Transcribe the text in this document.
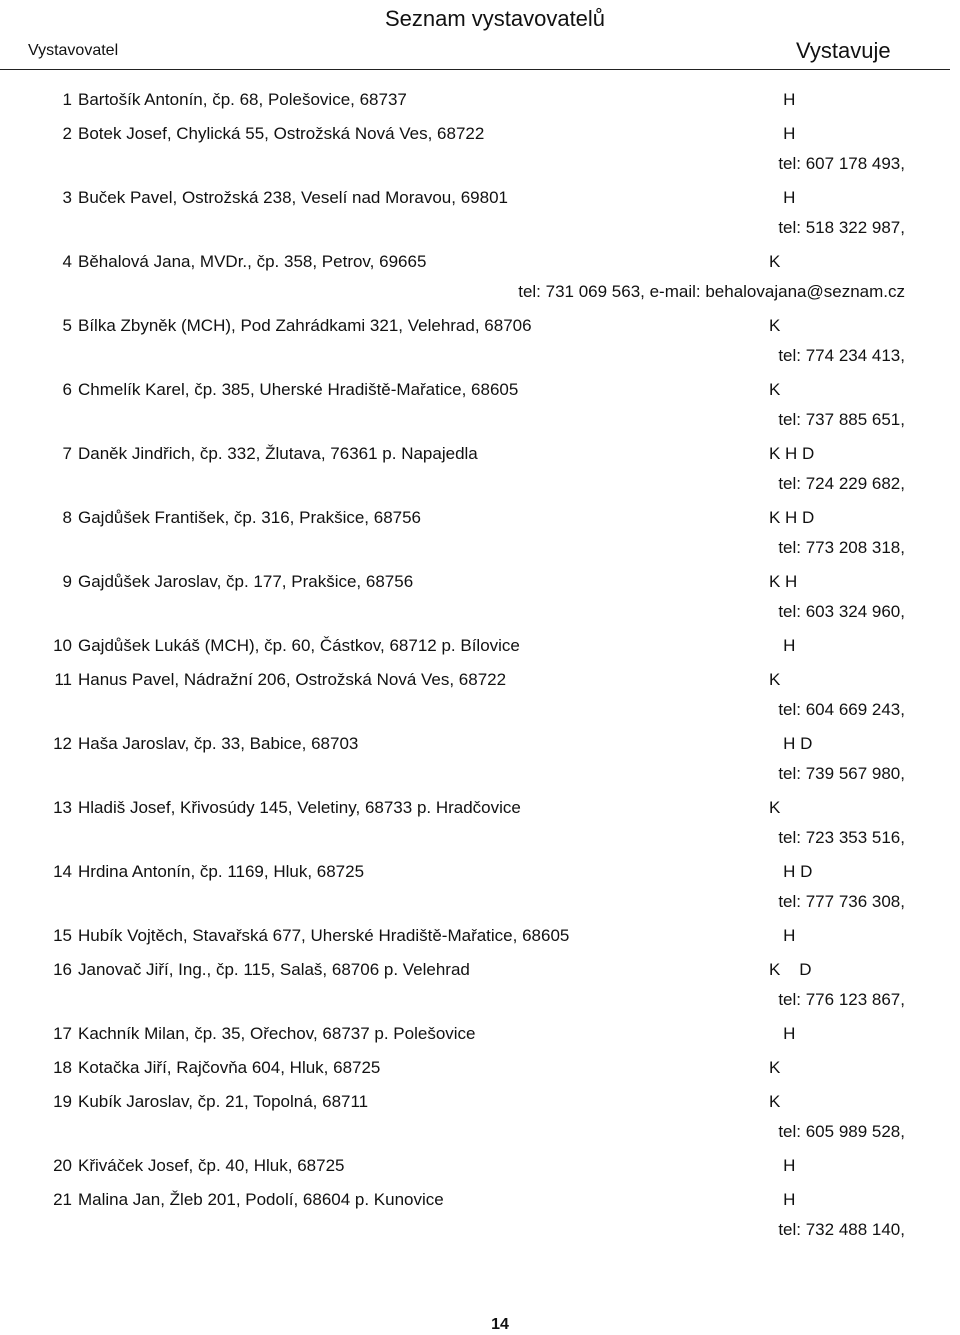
Seznam vystavovatelů
Vystavovatel	Vystavuje
1 Bartošík Antonín, čp. 68, Polešovice, 68737	H
2 Botek Josef, Chylická 55, Ostrožská Nová Ves, 68722	H
tel: 607 178 493,
3 Buček Pavel, Ostrožská 238, Veselí nad Moravou, 69801	H
tel: 518 322 987,
4 Běhalová Jana, MVDr., čp. 358, Petrov, 69665	K
tel: 731 069 563, e-mail: behalovajana@seznam.cz
5 Bílka Zbyněk (MCH), Pod Zahrádkami 321, Velehrad, 68706	K
tel: 774 234 413,
6 Chmelík Karel, čp. 385, Uherské Hradiště-Mařatice, 68605	K
tel: 737 885 651,
7 Daněk Jindřich, čp. 332, Žlutava, 76361 p. Napajedla	K H D
tel: 724 229 682,
8 Gajdůšek František, čp. 316, Prakšice, 68756	K H D
tel: 773 208 318,
9 Gajdůšek Jaroslav, čp. 177, Prakšice, 68756	K H
tel: 603 324 960,
10 Gajdůšek Lukáš (MCH), čp. 60, Částkov, 68712 p. Bílovice	H
11 Hanus Pavel, Nádražní 206, Ostrožská Nová Ves, 68722	K
tel: 604 669 243,
12 Haša Jaroslav, čp. 33, Babice, 68703	H D
tel: 739 567 980,
13 Hladiš Josef, Křivosúdy 145, Veletiny, 68733 p. Hradčovice	K
tel: 723 353 516,
14 Hrdina Antonín, čp. 1169, Hluk, 68725	H D
tel: 777 736 308,
15 Hubík Vojtěch, Stavařská 677, Uherské Hradiště-Mařatice, 68605	H
16 Janovač Jiří, Ing., čp. 115, Salaš, 68706 p. Velehrad	K    D
tel: 776 123 867,
17 Kachník Milan, čp. 35, Ořechov, 68737 p. Polešovice	H
18 Kotačka Jiří, Rajčovňa 604, Hluk, 68725	K
19 Kubík Jaroslav, čp. 21, Topolná, 68711	K
tel: 605 989 528,
20 Křiváček Josef, čp. 40, Hluk, 68725	H
21 Malina Jan, Žleb 201, Podolí, 68604 p. Kunovice	H
tel: 732 488 140,
14
